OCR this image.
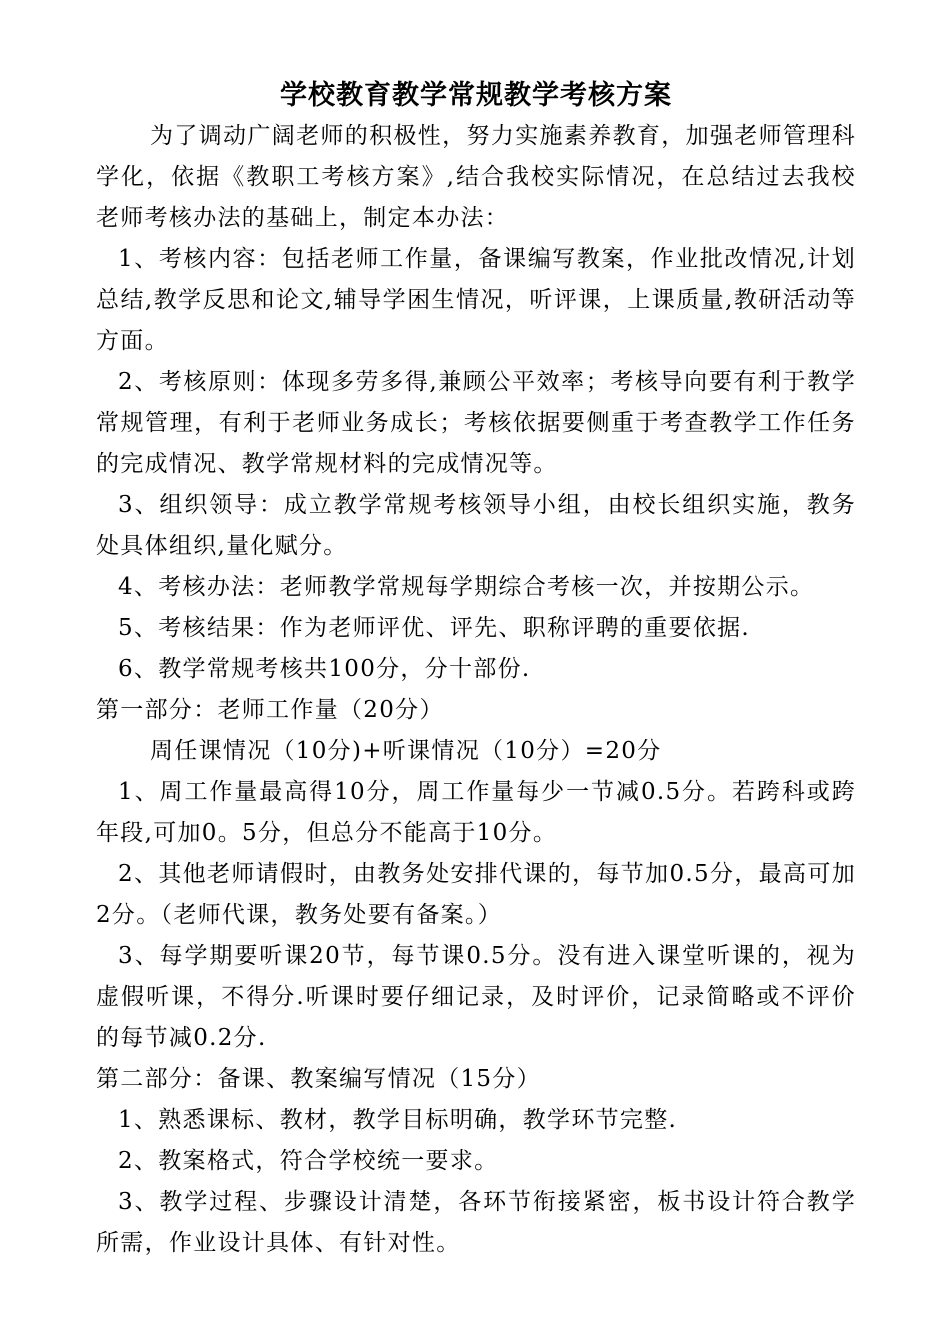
学校教育教学常规教学考核方案

为了调动广阔老师的积极性，努力实施素养教育，加强老师管理科学化，依据《教职工考核方案》,结合我校实际情况，在总结过去我校老师考核办法的基础上，制定本办法：

1、考核内容：包括老师工作量，备课编写教案，作业批改情况,计划总结,教学反思和论文,辅导学困生情况，听评课，上课质量,教研活动等方面。

2、考核原则：体现多劳多得,兼顾公平效率；考核导向要有利于教学常规管理，有利于老师业务成长；考核依据要侧重于考查教学工作任务的完成情况、教学常规材料的完成情况等。

3、组织领导：成立教学常规考核领导小组，由校长组织实施，教务处具体组织,量化赋分。

4、考核办法：老师教学常规每学期综合考核一次，并按期公示。

5、考核结果：作为老师评优、评先、职称评聘的重要依据.

6、教学常规考核共100分，分十部份.

第一部分：老师工作量（20分）

周任课情况（10分)+听课情况（10分）=20分

1、周工作量最高得10分，周工作量每少一节减0.5分。若跨科或跨年段,可加0。5分，但总分不能高于10分。

2、其他老师请假时，由教务处安排代课的，每节加0.5分，最高可加2分。（老师代课，教务处要有备案。）

3、每学期要听课20节，每节课0.5分。没有进入课堂听课的，视为虚假听课，不得分.听课时要仔细记录，及时评价，记录简略或不评价的每节减0.2分.

第二部分：备课、教案编写情况（15分）

1、熟悉课标、教材，教学目标明确，教学环节完整.

2、教案格式，符合学校统一要求。

3、教学过程、步骤设计清楚，各环节衔接紧密，板书设计符合教学所需，作业设计具体、有针对性。
